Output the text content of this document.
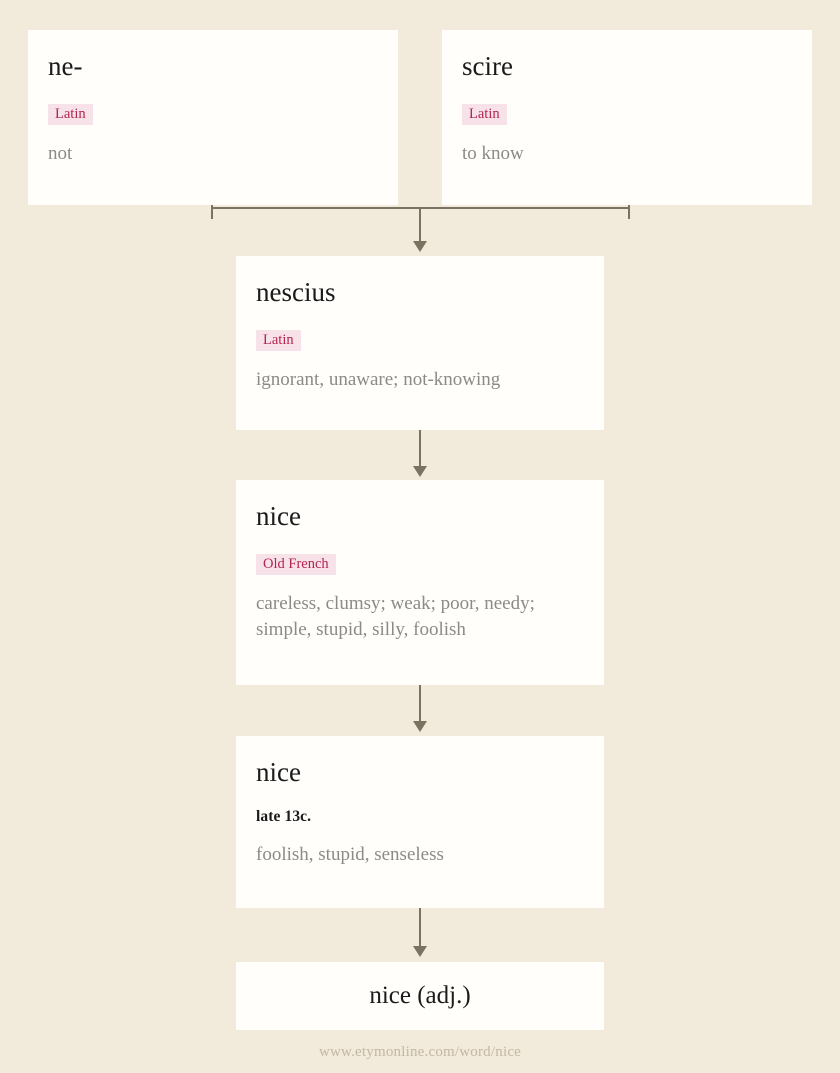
ne-
Latin
not
scire
Latin
to know
nescius
Latin
ignorant, unaware; not-knowing
nice
Old French
careless, clumsy; weak; poor, needy; simple, stupid, silly, foolish
nice
late 13c.
foolish, stupid, senseless
nice (adj.)
www.etymonline.com/word/nice
